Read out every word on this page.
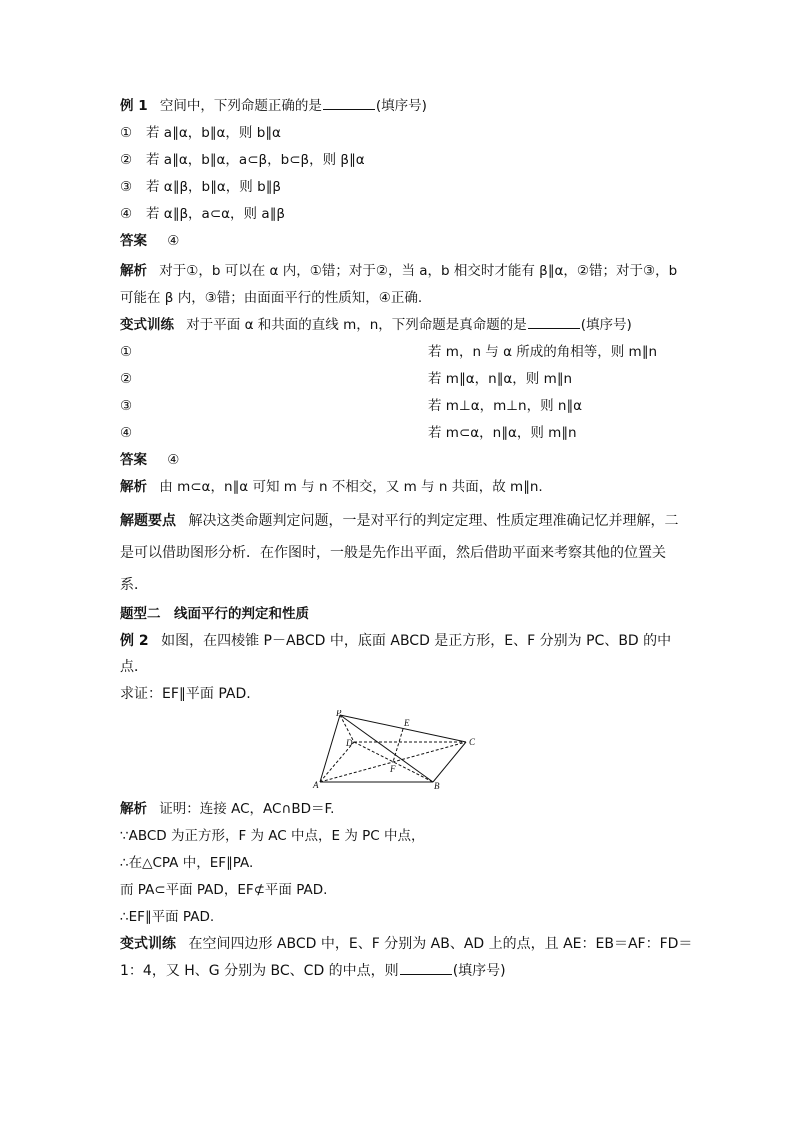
例 1 空间中，下列命题正确的是	(填序号)
① 若 a∥α，b∥α，则 b∥α
② 若 a∥α，b∥α，a⊂β，b⊂β，则 β∥α
③ 若 α∥β，b∥α，则 b∥β
④ 若 α∥β，a⊂α，则 a∥β
答案 ④
解析 对于①，b 可以在 α 内，①错；对于②，当 a，b 相交时才能有 β∥α，②错；对于③，b
可能在 β 内，③错；由面面平行的性质知，④正确.
变式训练 对于平面 α 和共面的直线 m，n，下列命题是真命题的是	(填序号)
①	若 m，n 与 α 所成的角相等，则 m∥n
②	若 m∥α，n∥α，则 m∥n
③	若 m⊥α，m⊥n，则 n∥α
④	若 m⊂α，n∥α，则 m∥n
答案 ④
解析 由 m⊂α，n∥α 可知 m 与 n 不相交，又 m 与 n 共面，故 m∥n.
解题要点 解决这类命题判定问题，一是对平行的判定定理、性质定理准确记忆并理解，二
是可以借助图形分析．在作图时，一般是先作出平面，然后借助平面来考察其他的位置关
系．
题型二　线面平行的判定和性质
例 2 如图，在四棱锥 P－ABCD 中，底面 ABCD 是正方形，E、F 分别为 PC、BD 的中
点．
求证：EF∥平面 PAD.
P
E
D	C
F
A	B
解析 证明：连接 AC，AC∩BD＝F.
∵ABCD 为正方形，F 为 AC 中点，E 为 PC 中点，
∴在△CPA 中，EF∥PA.
而 PA⊂平面 PAD，EF⊄平面 PAD.
∴EF∥平面 PAD.
变式训练 在空间四边形 ABCD 中，E、F 分别为 AB、AD 上的点，且 AE：EB＝AF：FD＝
1：4，又 H、G 分别为 BC、CD 的中点，则	(填序号)
